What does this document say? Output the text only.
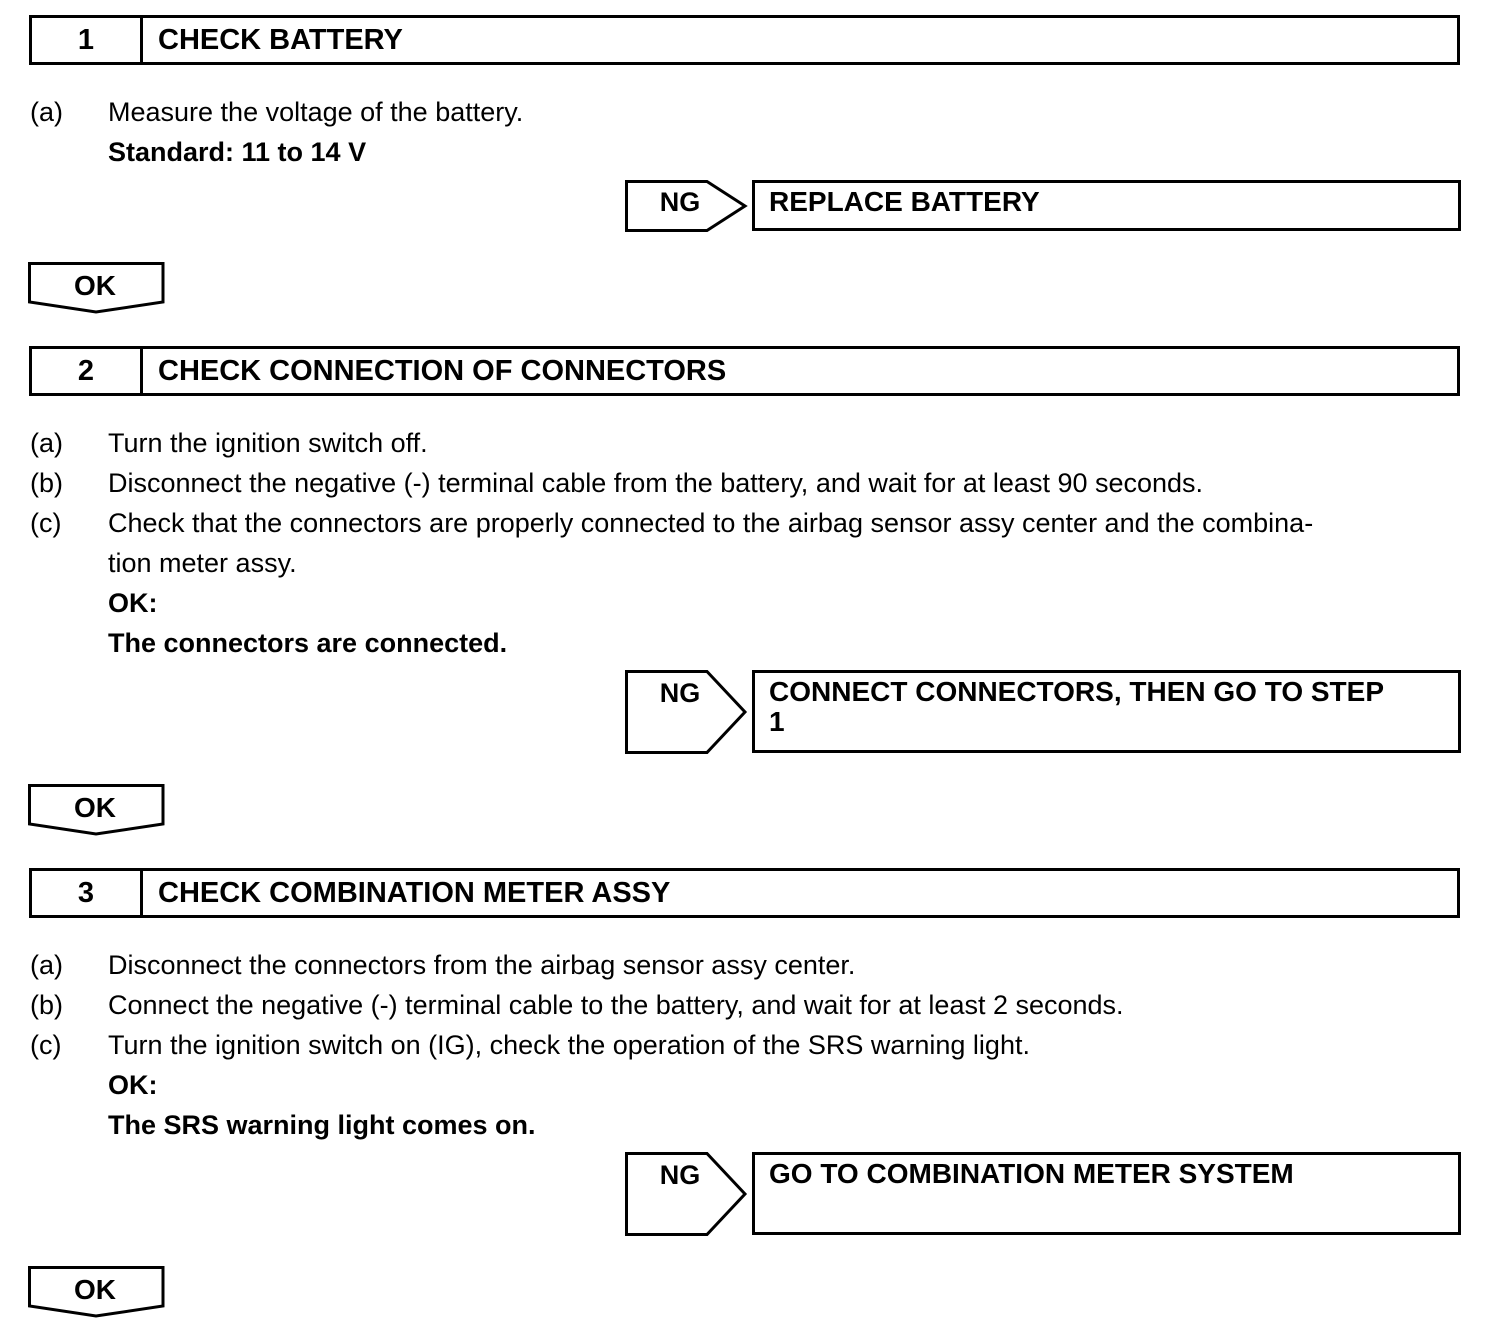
1	CHECK BATTERY
(a) Measure the voltage of the battery.
Standard: 11 to 14 V
NG	REPLACE BATTERY
OK
2	CHECK CONNECTION OF CONNECTORS
(a) Turn the ignition switch off.
(b) Disconnect the negative (-) terminal cable from the battery, and wait for at least 90 seconds.
(c) Check that the connectors are properly connected to the airbag sensor assy center and the combina-
tion meter assy.
OK:
The connectors are connected.
NG	CONNECT CONNECTORS, THEN GO TO STEP
1
OK
3	CHECK COMBINATION METER ASSY
(a) Disconnect the connectors from the airbag sensor assy center.
(b) Connect the negative (-) terminal cable to the battery, and wait for at least 2 seconds.
(c) Turn the ignition switch on (IG), check the operation of the SRS warning light.
OK:
The SRS warning light comes on.
NG	GO TO COMBINATION METER SYSTEM
OK
